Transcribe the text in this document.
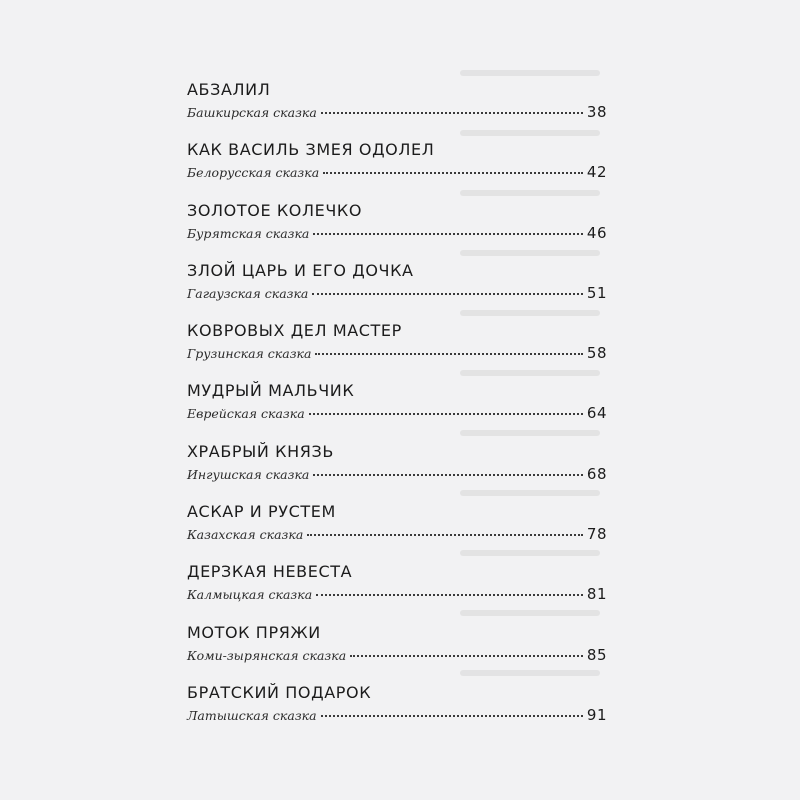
АБЗАЛИЛ
Башкирская сказка	38
КАК ВАСИЛЬ ЗМЕЯ ОДОЛЕЛ
Белорусская сказка	42
ЗОЛОТОЕ КОЛЕЧКО
Бурятская сказка	46
ЗЛОЙ ЦАРЬ И ЕГО ДОЧКА
Гагаузская сказка	51
КОВРОВЫХ ДЕЛ МАСТЕР
Грузинская сказка	58
МУДРЫЙ МАЛЬЧИК
Еврейская сказка	64
ХРАБРЫЙ КНЯЗЬ
Ингушская сказка	68
АСКАР И РУСТЕМ
Казахская сказка	78
ДЕРЗКАЯ НЕВЕСТА
Калмыцкая сказка	81
МОТОК ПРЯЖИ
Коми-зырянская сказка	85
БРАТСКИЙ ПОДАРОК
Латышская сказка	91
